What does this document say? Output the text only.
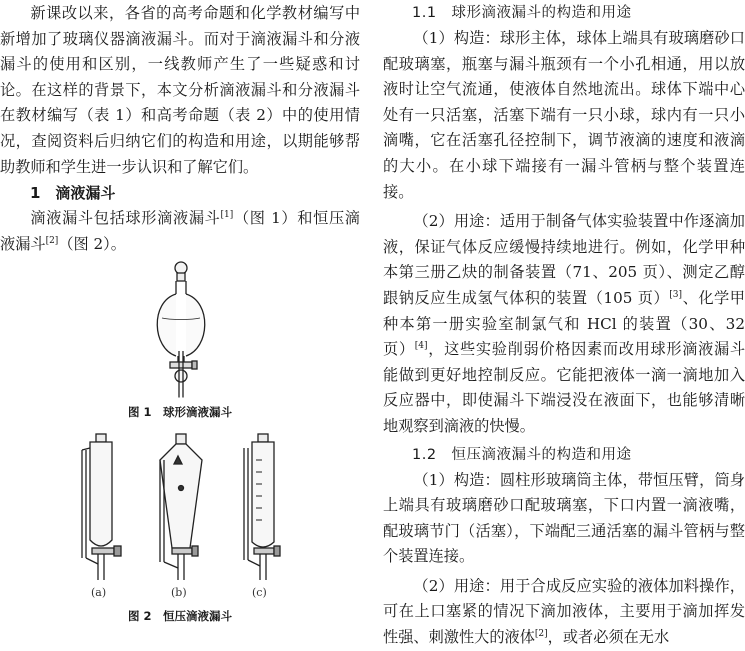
新课改以来，各省的高考命题和化学教材编写中新增加了玻璃仪器滴液漏斗。而对于滴液漏斗和分液漏斗的使用和区别，一线教师产生了一些疑惑和讨论。在这样的背景下，本文分析滴液漏斗和分液漏斗在教材编写（表 1）和高考命题（表 2）中的使用情况，查阅资料后归纳它们的构造和用途，以期能够帮助教师和学生进一步认识和了解它们。

1　滴液漏斗

滴液漏斗包括球形滴液漏斗[1]（图 1）和恒压滴液漏斗[2]（图 2）。

图 1　球形滴液漏斗
(a)	(b)	(c)
图 2　恒压滴液漏斗

1.1　球形滴液漏斗的构造和用途

（1）构造：球形主体，球体上端具有玻璃磨砂口配玻璃塞，瓶塞与漏斗瓶颈有一个小孔相通，用以放液时让空气流通，使液体自然地流出。球体下端中心处有一只活塞，活塞下端有一只小球，球内有一只小滴嘴，它在活塞孔径控制下，调节液滴的速度和液滴的大小。在小球下端接有一漏斗管柄与整个装置连接。

（2）用途：适用于制备气体实验装置中作逐滴加液，保证气体反应缓慢持续地进行。例如，化学甲种本第三册乙炔的制备装置（71、205 页）、测定乙醇跟钠反应生成氢气体积的装置（105 页）[3]、化学甲种本第一册实验室制氯气和 HCl 的装置（30、32 页）[4]，这些实验削弱价格因素而改用球形滴液漏斗能做到更好地控制反应。它能把液体一滴一滴地加入反应器中，即使漏斗下端浸没在液面下，也能够清晰地观察到滴液的快慢。

1.2　恒压滴液漏斗的构造和用途

（1）构造：圆柱形玻璃筒主体，带恒压臂，筒身上端具有玻璃磨砂口配玻璃塞，下口内置一滴液嘴，配玻璃节门（活塞），下端配三通活塞的漏斗管柄与整个装置连接。

（2）用途：用于合成反应实验的液体加料操作，可在上口塞紧的情况下滴加液体，主要用于滴加挥发性强、刺激性大的液体[2]，或者必须在无水
